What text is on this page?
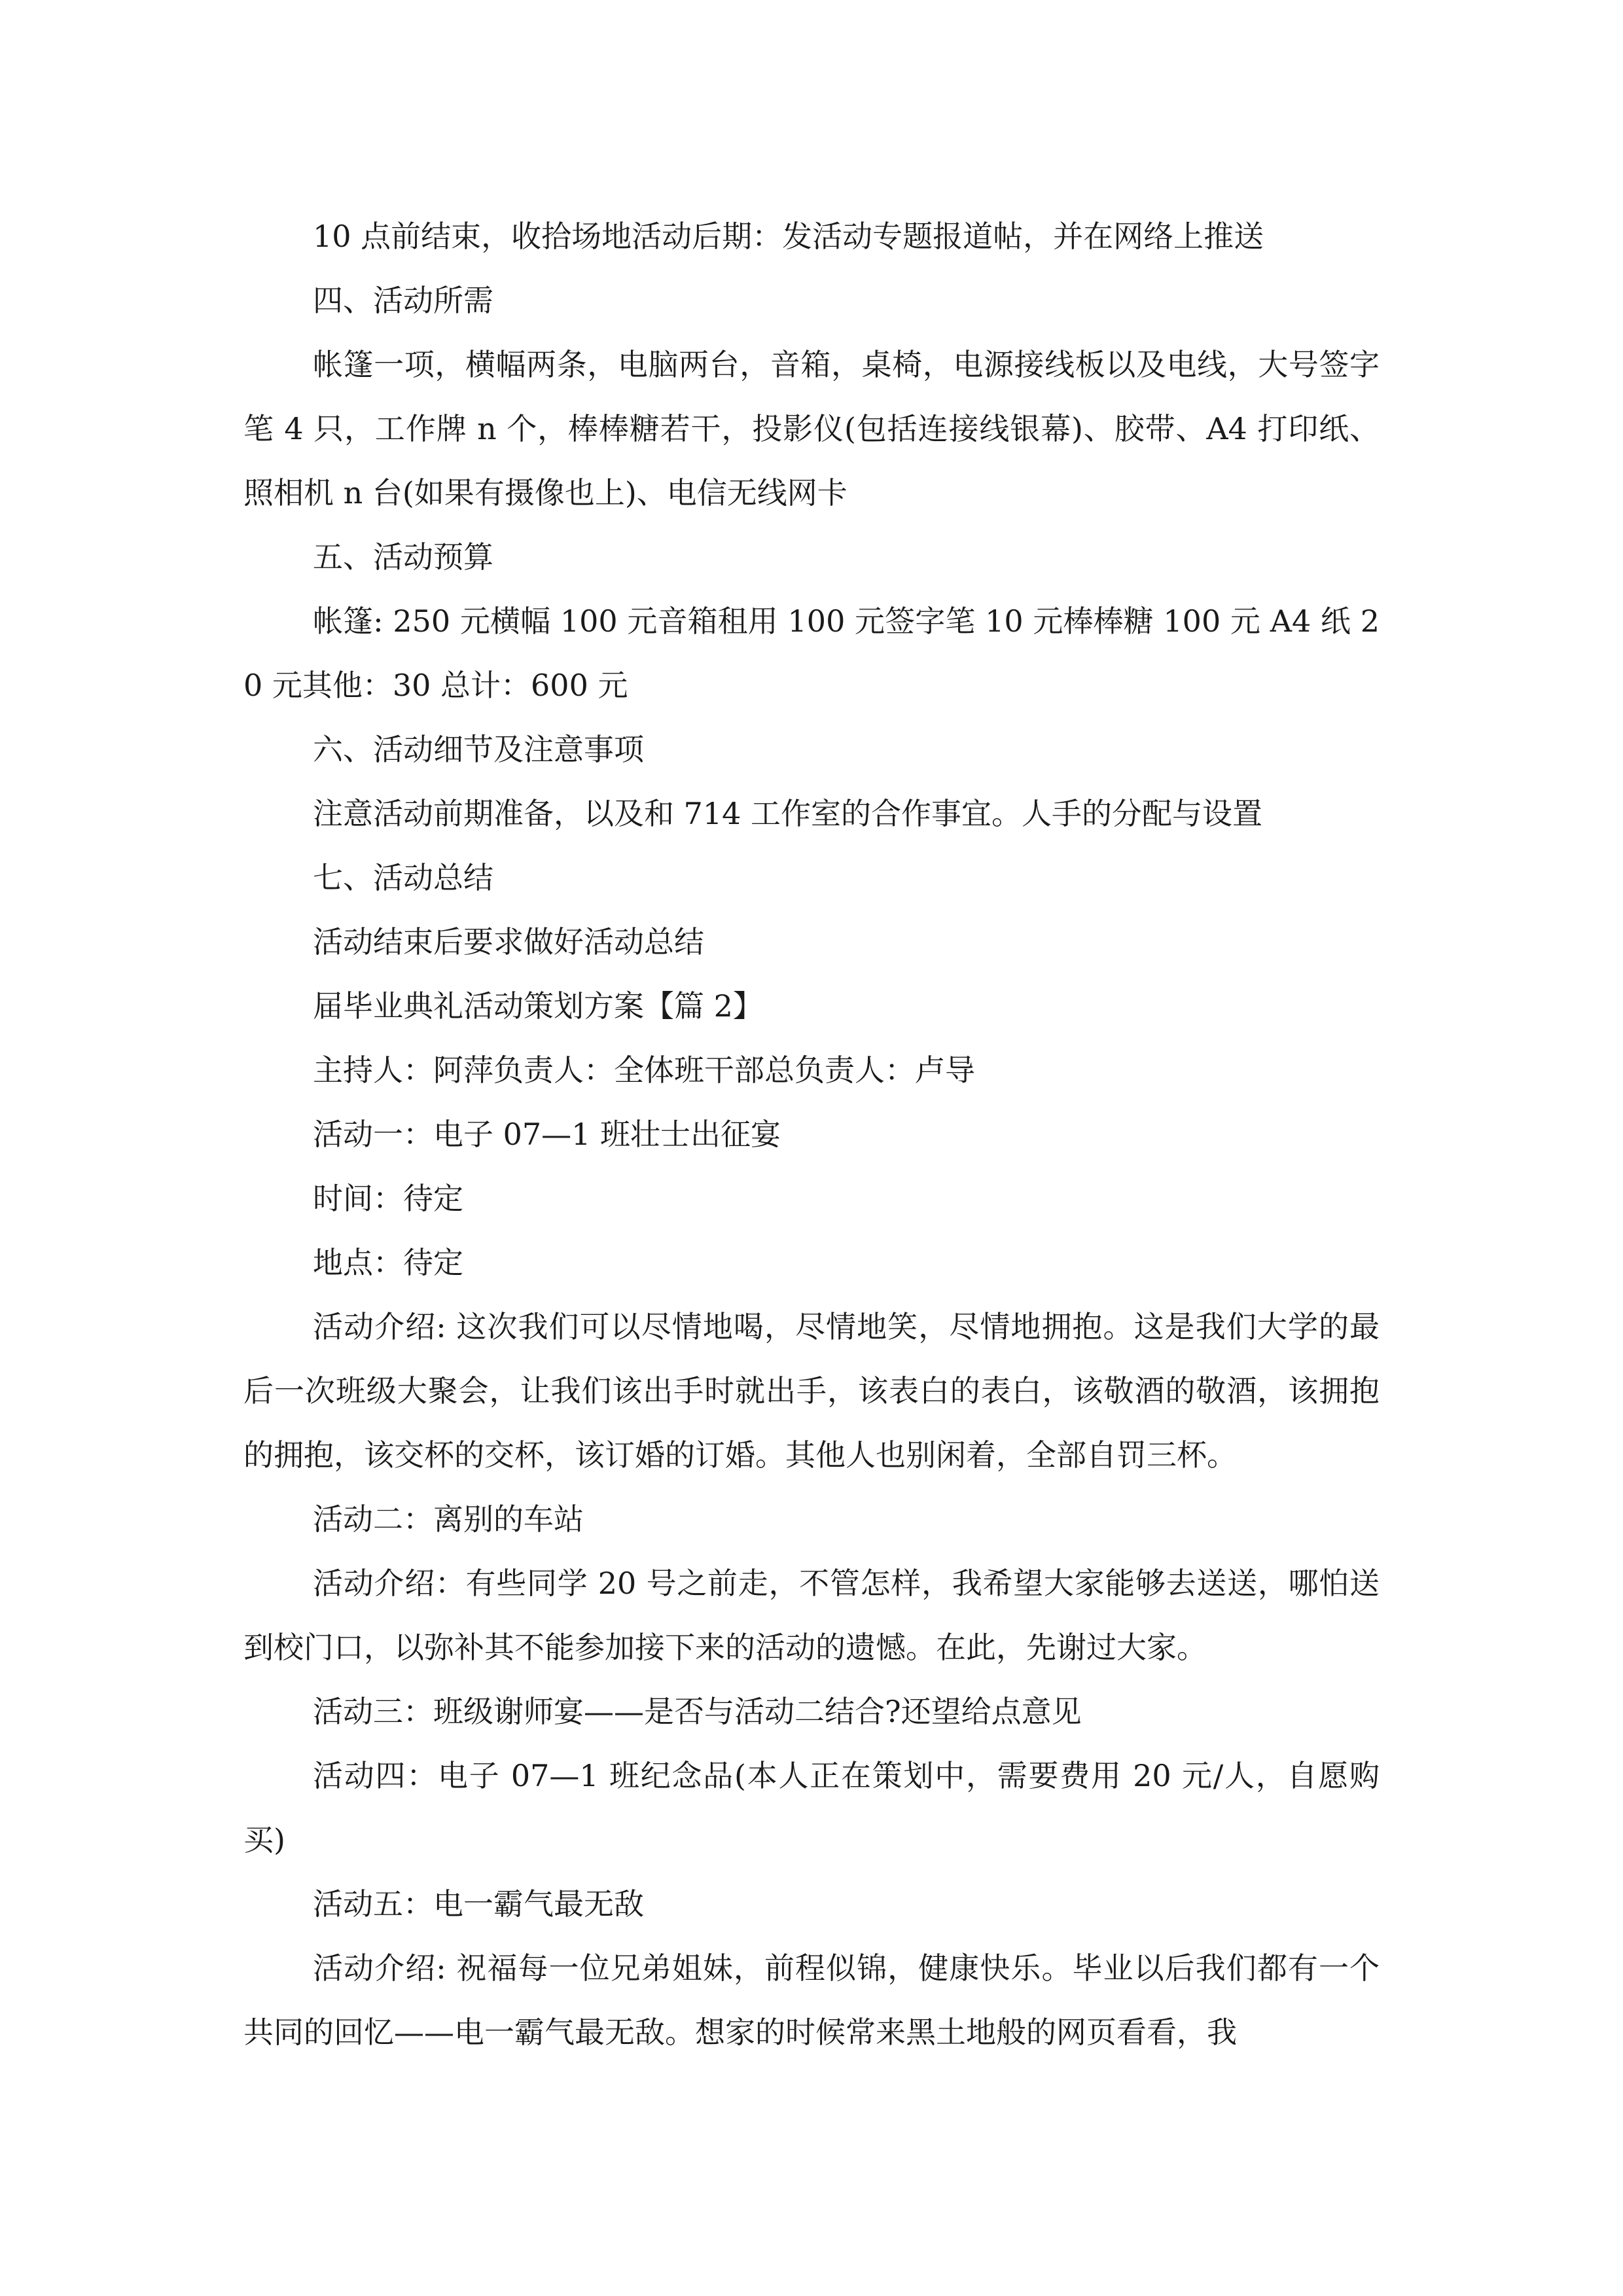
10 点前结束，收拾场地活动后期：发活动专题报道帖，并在网络上推送

四、活动所需

帐篷一项，横幅两条，电脑两台，音箱，桌椅，电源接线板以及电线，大号签字笔 4 只，工作牌 n 个，棒棒糖若干，投影仪(包括连接线银幕)、胶带、A4 打印纸、照相机 n 台(如果有摄像也上)、电信无线网卡

五、活动预算

帐篷: 250 元横幅 100 元音箱租用 100 元签字笔 10 元棒棒糖 100 元 A4 纸 20 元其他：30 总计：600 元

六、活动细节及注意事项

注意活动前期准备，以及和 714 工作室的合作事宜。人手的分配与设置

七、活动总结

活动结束后要求做好活动总结

届毕业典礼活动策划方案【篇 2】

主持人：阿萍负责人：全体班干部总负责人：卢导

活动一：电子 07—1 班壮士出征宴

时间：待定

地点：待定

活动介绍: 这次我们可以尽情地喝，尽情地笑，尽情地拥抱。这是我们大学的最后一次班级大聚会，让我们该出手时就出手，该表白的表白，该敬酒的敬酒，该拥抱的拥抱，该交杯的交杯，该订婚的订婚。其他人也别闲着，全部自罚三杯。

活动二：离别的车站

活动介绍：有些同学 20 号之前走，不管怎样，我希望大家能够去送送，哪怕送到校门口，以弥补其不能参加接下来的活动的遗憾。在此，先谢过大家。

活动三：班级谢师宴——是否与活动二结合?还望给点意见

活动四：电子 07—1 班纪念品(本人正在策划中，需要费用 20 元/人，自愿购买)

活动五：电一霸气最无敌

活动介绍: 祝福每一位兄弟姐妹，前程似锦，健康快乐。毕业以后我们都有一个共同的回忆——电一霸气最无敌。想家的时候常来黑土地般的网页看看，我
